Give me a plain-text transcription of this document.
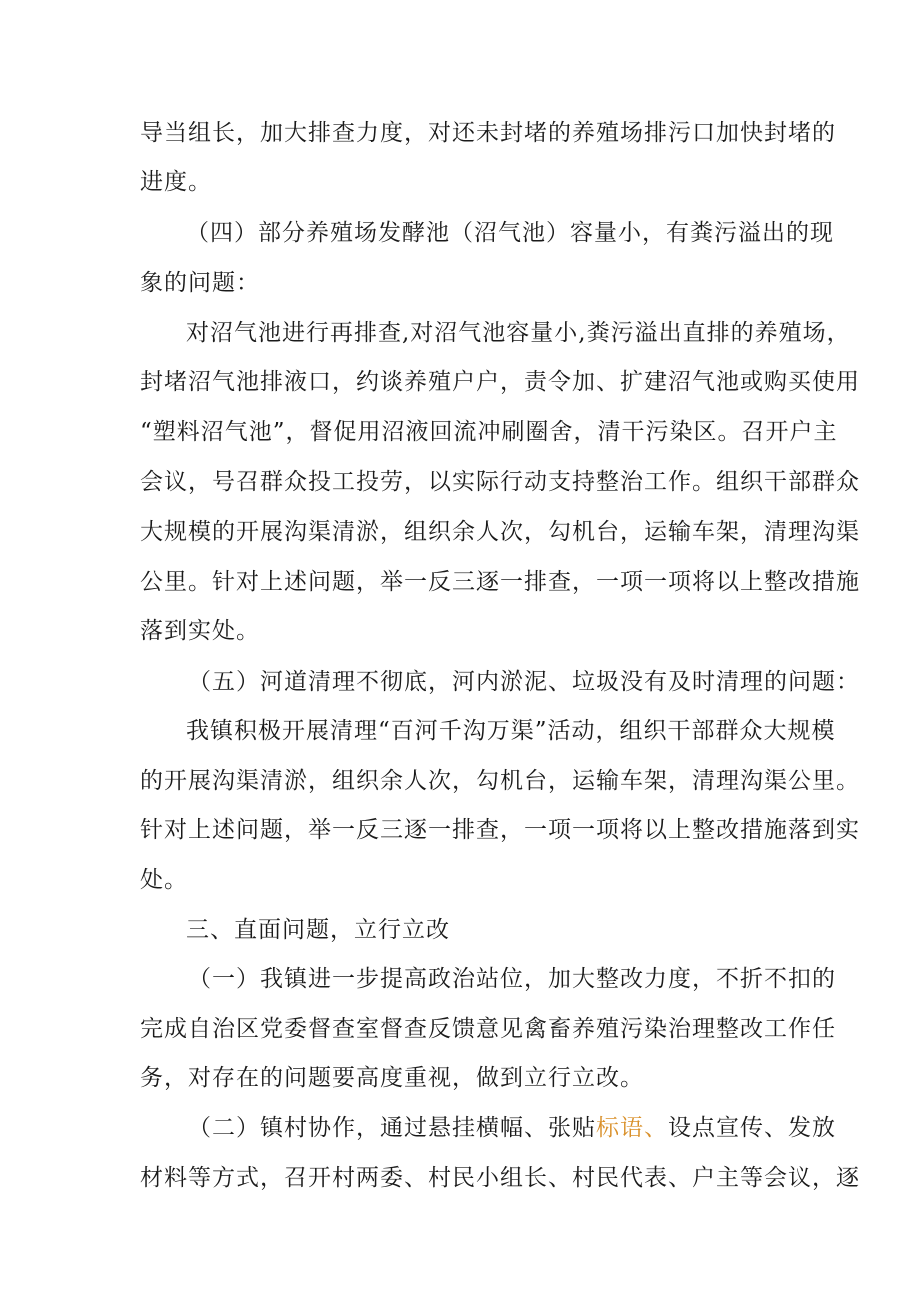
导当组长，加大排查力度，对还未封堵的养殖场排污口加快封堵的
进度。
（四）部分养殖场发酵池（沼气池）容量小，有粪污溢出的现
象的问题：
对沼气池进行再排查,对沼气池容量小,粪污溢出直排的养殖场，
封堵沼气池排液口，约谈养殖户户，责令加、扩建沼气池或购买使用
“塑料沼气池”，督促用沼液回流冲刷圈舍，清干污染区。召开户主
会议，号召群众投工投劳，以实际行动支持整治工作。组织干部群众
大规模的开展沟渠清淤，组织余人次，勾机台，运输车架，清理沟渠
公里。针对上述问题，举一反三逐一排查，一项一项将以上整改措施
落到实处。
（五）河道清理不彻底，河内淤泥、垃圾没有及时清理的问题：
我镇积极开展清理“百河千沟万渠”活动，组织干部群众大规模
的开展沟渠清淤，组织余人次，勾机台，运输车架，清理沟渠公里。
针对上述问题，举一反三逐一排查，一项一项将以上整改措施落到实
处。
三、直面问题，立行立改
（一）我镇进一步提高政治站位，加大整改力度，不折不扣的
完成自治区党委督查室督查反馈意见禽畜养殖污染治理整改工作任
务，对存在的问题要高度重视，做到立行立改。
（二）镇村协作，通过悬挂横幅、张贴标语、设点宣传、发放
材料等方式，召开村两委、村民小组长、村民代表、户主等会议，逐
